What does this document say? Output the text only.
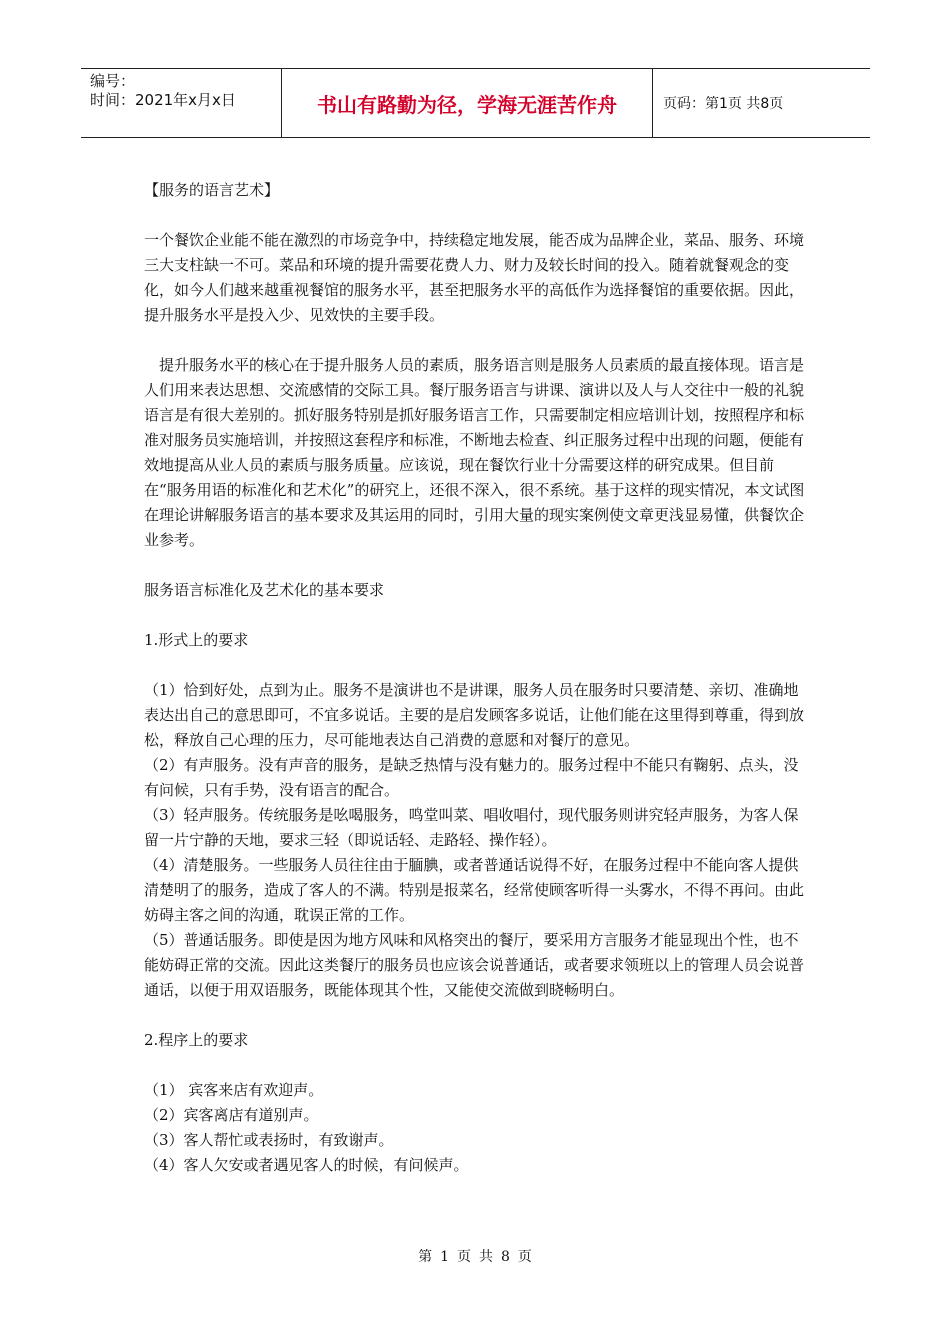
编号：
时间：2021年x月x日	书山有路勤为径，学海无涯苦作舟	页码：第1页 共8页

【服务的语言艺术】

一个餐饮企业能不能在激烈的市场竞争中，持续稳定地发展，能否成为品牌企业，菜品、服务、环境三大支柱缺一不可。菜品和环境的提升需要花费人力、财力及较长时间的投入。随着就餐观念的变化，如今人们越来越重视餐馆的服务水平，甚至把服务水平的高低作为选择餐馆的重要依据。因此，提升服务水平是投入少、见效快的主要手段。

提升服务水平的核心在于提升服务人员的素质，服务语言则是服务人员素质的最直接体现。语言是人们用来表达思想、交流感情的交际工具。餐厅服务语言与讲课、演讲以及人与人交往中一般的礼貌语言是有很大差别的。抓好服务特别是抓好服务语言工作，只需要制定相应培训计划，按照程序和标准对服务员实施培训，并按照这套程序和标准，不断地去检查、纠正服务过程中出现的问题，便能有效地提高从业人员的素质与服务质量。应该说，现在餐饮行业十分需要这样的研究成果。但目前在“服务用语的标准化和艺术化”的研究上，还很不深入，很不系统。基于这样的现实情况，本文试图在理论讲解服务语言的基本要求及其运用的同时，引用大量的现实案例使文章更浅显易懂，供餐饮企业参考。

服务语言标准化及艺术化的基本要求

1.形式上的要求

（1）恰到好处，点到为止。服务不是演讲也不是讲课，服务人员在服务时只要清楚、亲切、准确地表达出自己的意思即可，不宜多说话。主要的是启发顾客多说话，让他们能在这里得到尊重，得到放松，释放自己心理的压力，尽可能地表达自己消费的意愿和对餐厅的意见。

（2）有声服务。没有声音的服务，是缺乏热情与没有魅力的。服务过程中不能只有鞠躬、点头，没有问候，只有手势，没有语言的配合。

（3）轻声服务。传统服务是吆喝服务，鸣堂叫菜、唱收唱付，现代服务则讲究轻声服务，为客人保留一片宁静的天地，要求三轻（即说话轻、走路轻、操作轻）。

（4）清楚服务。一些服务人员往往由于腼腆，或者普通话说得不好，在服务过程中不能向客人提供清楚明了的服务，造成了客人的不满。特别是报菜名，经常使顾客听得一头雾水，不得不再问。由此妨碍主客之间的沟通，耽误正常的工作。

（5）普通话服务。即使是因为地方风味和风格突出的餐厅，要采用方言服务才能显现出个性，也不能妨碍正常的交流。因此这类餐厅的服务员也应该会说普通话，或者要求领班以上的管理人员会说普通话，以便于用双语服务，既能体现其个性，又能使交流做到晓畅明白。

2.程序上的要求

（1） 宾客来店有欢迎声。

（2）宾客离店有道别声。

（3）客人帮忙或表扬时，有致谢声。

（4）客人欠安或者遇见客人的时候，有问候声。

第 1 页 共 8 页
